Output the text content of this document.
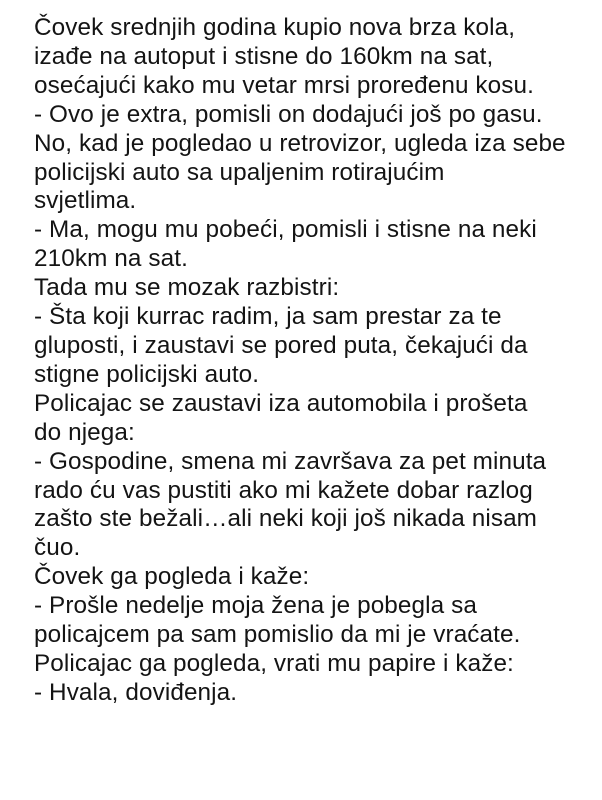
Čovek srednjih godina kupio nova brza kola,
izađe na autoput i stisne do 160km na sat,
osećajući kako mu vetar mrsi proređenu kosu.
- Ovo je extra, pomisli on dodajući još po gasu.
No, kad je pogledao u retrovizor, ugleda iza sebe
policijski auto sa upaljenim rotirajućim
svjetlima.
- Ma, mogu mu pobeći, pomisli i stisne na neki
210km na sat.
Tada mu se mozak razbistri:
- Šta koji kurrac radim, ja sam prestar za te
gluposti, i zaustavi se pored puta, čekajući da
stigne policijski auto.
Policajac se zaustavi iza automobila i prošeta
do njega:
- Gospodine, smena mi završava za pet minuta
rado ću vas pustiti ako mi kažete dobar razlog
zašto ste bežali…ali neki koji još nikada nisam
čuo.
Čovek ga pogleda i kaže:
- Prošle nedelje moja žena je pobegla sa
policajcem pa sam pomislio da mi je vraćate.
Policajac ga pogleda, vrati mu papire i kaže:
- Hvala, doviđenja.
